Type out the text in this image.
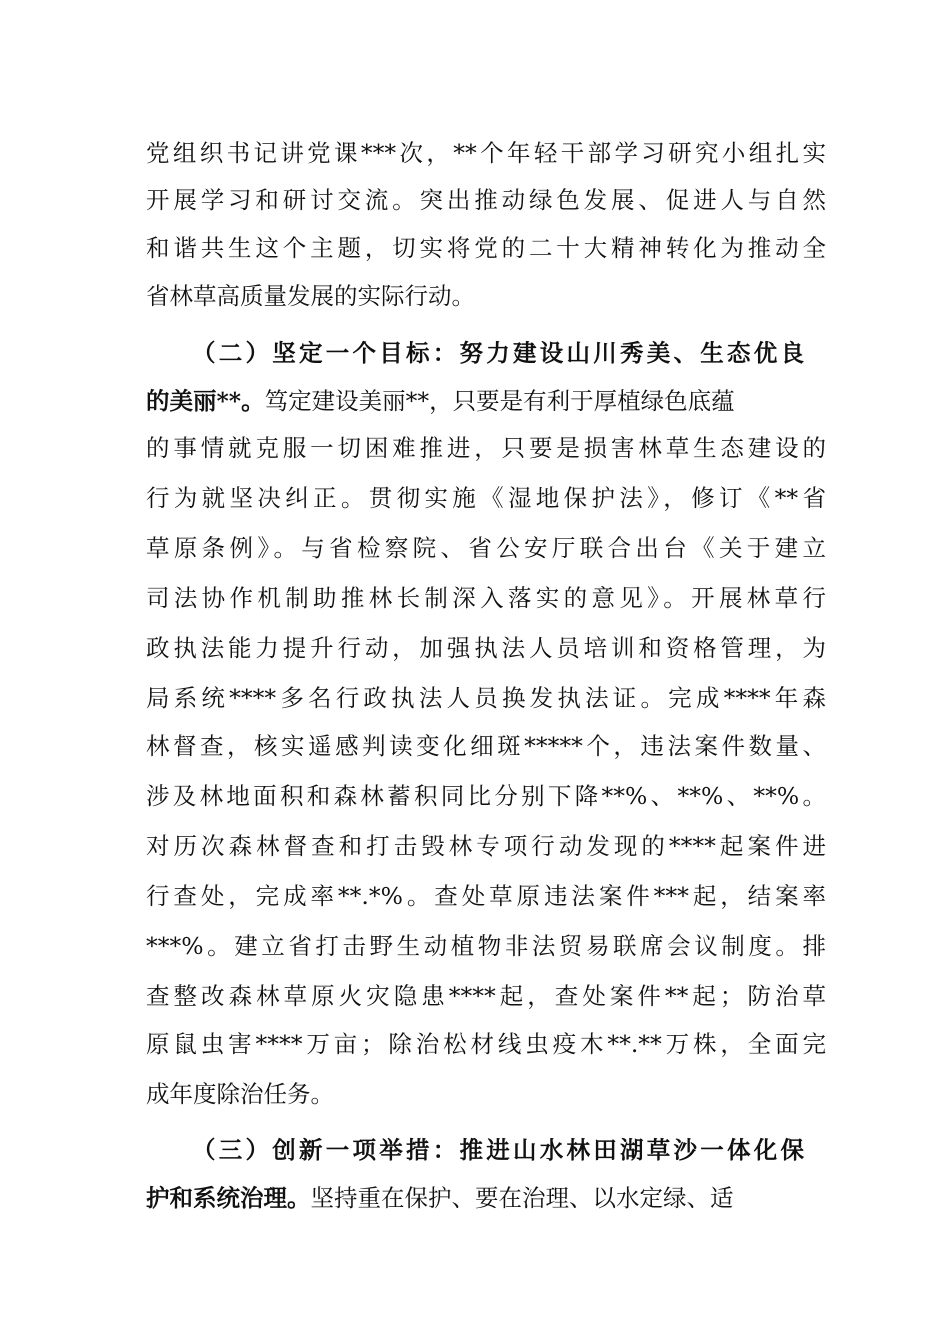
党组织书记讲党课***次，**个年轻干部学习研究小组扎实
开展学习和研讨交流。突出推动绿色发展、促进人与自然
和谐共生这个主题，切实将党的二十大精神转化为推动全
省林草高质量发展的实际行动。
（二）坚定一个目标：努力建设山川秀美、生态优良
的美丽**。笃定建设美丽**，只要是有利于厚植绿色底蕴
的事情就克服一切困难推进，只要是损害林草生态建设的
行为就坚决纠正。贯彻实施《湿地保护法》，修订《**省
草原条例》。与省检察院、省公安厅联合出台《关于建立
司法协作机制助推林长制深入落实的意见》。开展林草行
政执法能力提升行动，加强执法人员培训和资格管理，为
局系统****多名行政执法人员换发执法证。完成****年森
林督查，核实遥感判读变化细斑*****个，违法案件数量、
涉及林地面积和森林蓄积同比分别下降**%、**%、**%。
对历次森林督查和打击毁林专项行动发现的****起案件进
行查处，完成率**.*%。查处草原违法案件***起，结案率
***%。建立省打击野生动植物非法贸易联席会议制度。排
查整改森林草原火灾隐患****起，查处案件**起；防治草
原鼠虫害****万亩；除治松材线虫疫木**.**万株，全面完
成年度除治任务。
（三）创新一项举措：推进山水林田湖草沙一体化保
护和系统治理。坚持重在保护、要在治理、以水定绿、适
